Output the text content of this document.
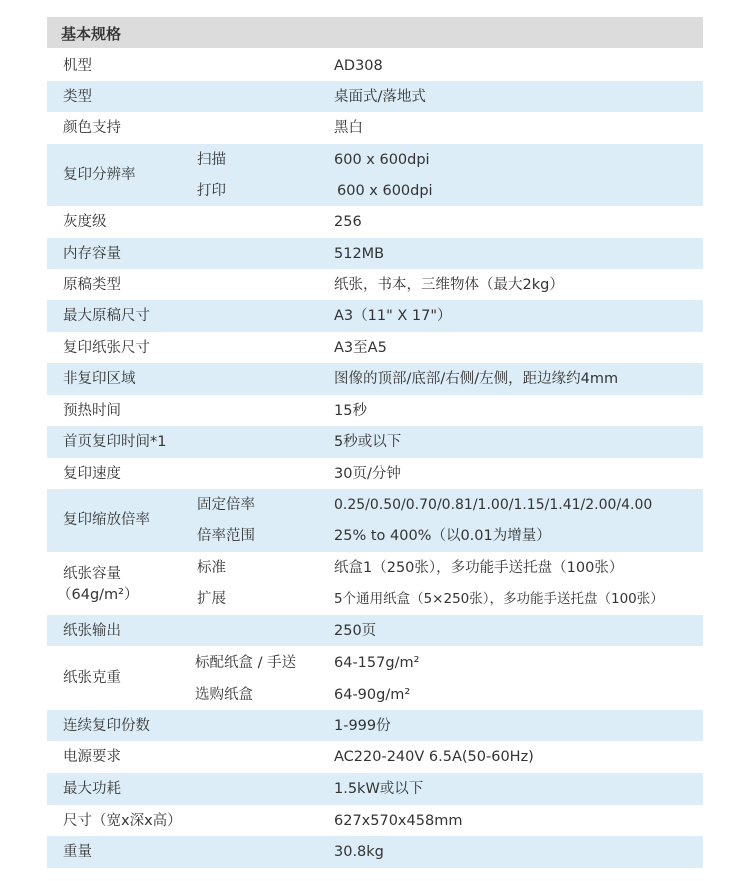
基本规格
机型	AD308
类型	桌面式/落地式
颜色支持	黑白
复印分辨率
扫描	600 x 600dpi
打印	600 x 600dpi
灰度级	256
内存容量	512MB
原稿类型	纸张，书本，三维物体（最大2kg）
最大原稿尺寸	A3（11" X 17"）
复印纸张尺寸	A3至A5
非复印区域	图像的顶部/底部/右侧/左侧，距边缘约4mm
预热时间	15秒
首页复印时间*1	5秒或以下
复印速度	30页/分钟
复印缩放倍率
固定倍率	0.25/0.50/0.70/0.81/1.00/1.15/1.41/2.00/4.00
倍率范围	25% to 400%（以0.01为增量）
纸张容量
（64g/m²）
标准	纸盒1（250张），多功能手送托盘（100张）
扩展	5个通用纸盒（5×250张），多功能手送托盘（100张）
纸张输出	250页
纸张克重
标配纸盒 / 手送	64-157g/m²
选购纸盒	64-90g/m²
连续复印份数	1-999份
电源要求	AC220-240V 6.5A(50-60Hz)
最大功耗	1.5kW或以下
尺寸（宽x深x高）	627x570x458mm
重量	30.8kg
